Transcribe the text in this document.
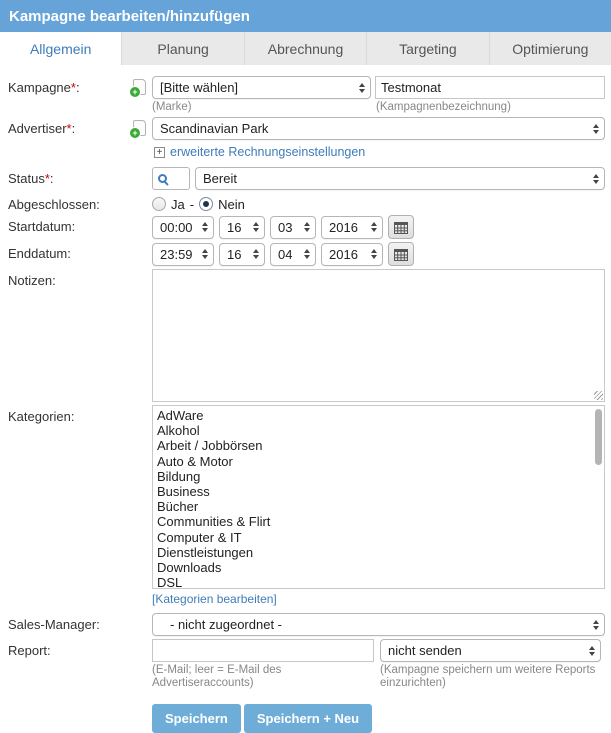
Kampagne bearbeiten/hinzufügen
Allgemein	Planung	Abrechnung	Targeting	Optimierung
Kampagne*: +	[Bitte wählen]
Testmonat
(Marke)	(Kampagnenbezeichnung)
Advertiser*: +	Scandinavian Park
+ erweiterte Rechnungseinstellungen
Status*:	Bereit
Abgeschlossen:	Ja - Nein
Startdatum:	00:00	16	03	2016
Enddatum:	23:59	16	04	2016
Notizen:
Kategorien:	AdWare
Alkohol
Arbeit / Jobbörsen
Auto & Motor
Bildung
Business
Bücher
Communities & Flirt
Computer & IT
Dienstleistungen
Downloads
DSL
[Kategorien bearbeiten]
Sales-Manager:	- nicht zugeordnet -
Report:	nicht senden
(E-Mail; leer = E-Mail des Advertiseraccounts)
(Kampagne speichern um weitere Reports einzurichten)
Speichern	Speichern + Neu
